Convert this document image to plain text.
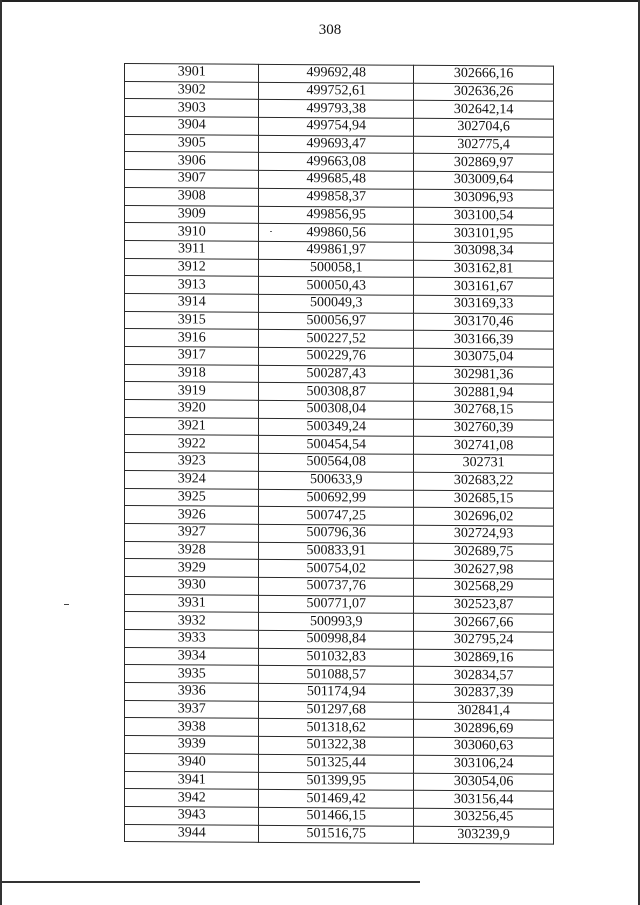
308
3901	499692,48	302666,16
3902	499752,61	302636,26
3903	499793,38	302642,14
3904	499754,94	302704,6
3905	499693,47	302775,4
3906	499663,08	302869,97
3907	499685,48	303009,64
3908	499858,37	303096,93
3909	499856,95	303100,54
3910	499860,56	303101,95
3911	499861,97	303098,34
3912	500058,1	303162,81
3913	500050,43	303161,67
3914	500049,3	303169,33
3915	500056,97	303170,46
3916	500227,52	303166,39
3917	500229,76	303075,04
3918	500287,43	302981,36
3919	500308,87	302881,94
3920	500308,04	302768,15
3921	500349,24	302760,39
3922	500454,54	302741,08
3923	500564,08	302731
3924	500633,9	302683,22
3925	500692,99	302685,15
3926	500747,25	302696,02
3927	500796,36	302724,93
3928	500833,91	302689,75
3929	500754,02	302627,98
3930	500737,76	302568,29
3931	500771,07	302523,87
3932	500993,9	302667,66
3933	500998,84	302795,24
3934	501032,83	302869,16
3935	501088,57	302834,57
3936	501174,94	302837,39
3937	501297,68	302841,4
3938	501318,62	302896,69
3939	501322,38	303060,63
3940	501325,44	303106,24
3941	501399,95	303054,06
3942	501469,42	303156,44
3943	501466,15	303256,45
3944	501516,75	303239,9
